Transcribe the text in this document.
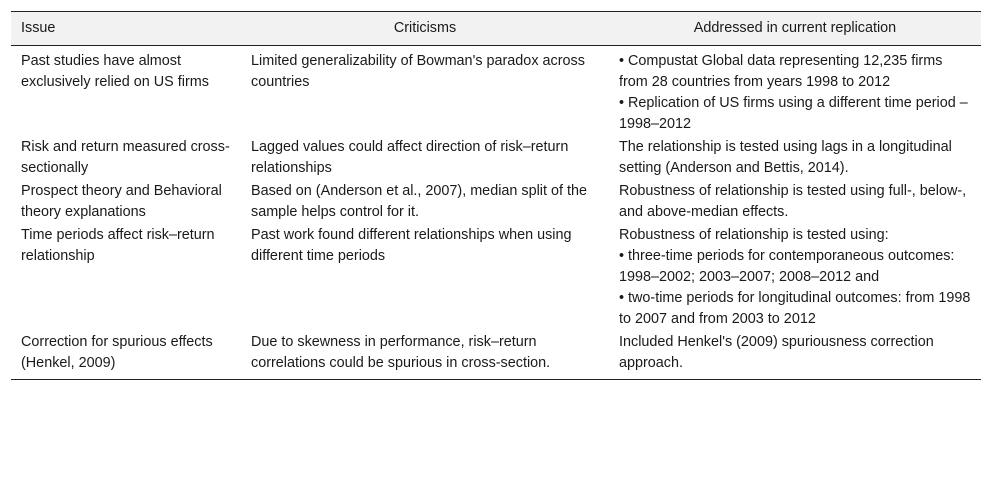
Issue	Criticisms	Addressed in current replication
Past studies have almost exclusively relied on US firms	Limited generalizability of Bowman's paradox across countries	• Compustat Global data representing 12,235 firms from 28 countries from years 1998 to 2012
• Replication of US firms using a different time period – 1998–2012

Risk and return measured cross-sectionally	Lagged values could affect direction of risk–return relationships	The relationship is tested using lags in a longitudinal setting (Anderson and Bettis, 2014).

Prospect theory and Behavioral theory explanations	Based on (Anderson et al., 2007), median split of the sample helps control for it.	Robustness of relationship is tested using full-, below-, and above-median effects.

Time periods affect risk–return relationship	Past work found different relationships when using different time periods	Robustness of relationship is tested using:
• three-time periods for contemporaneous outcomes: 1998–2002; 2003–2007; 2008–2012 and
• two-time periods for longitudinal outcomes: from 1998 to 2007 and from 2003 to 2012

Correction for spurious effects (Henkel, 2009)	Due to skewness in performance, risk–return correlations could be spurious in cross-section.	Included Henkel's (2009) spuriousness correction approach.
